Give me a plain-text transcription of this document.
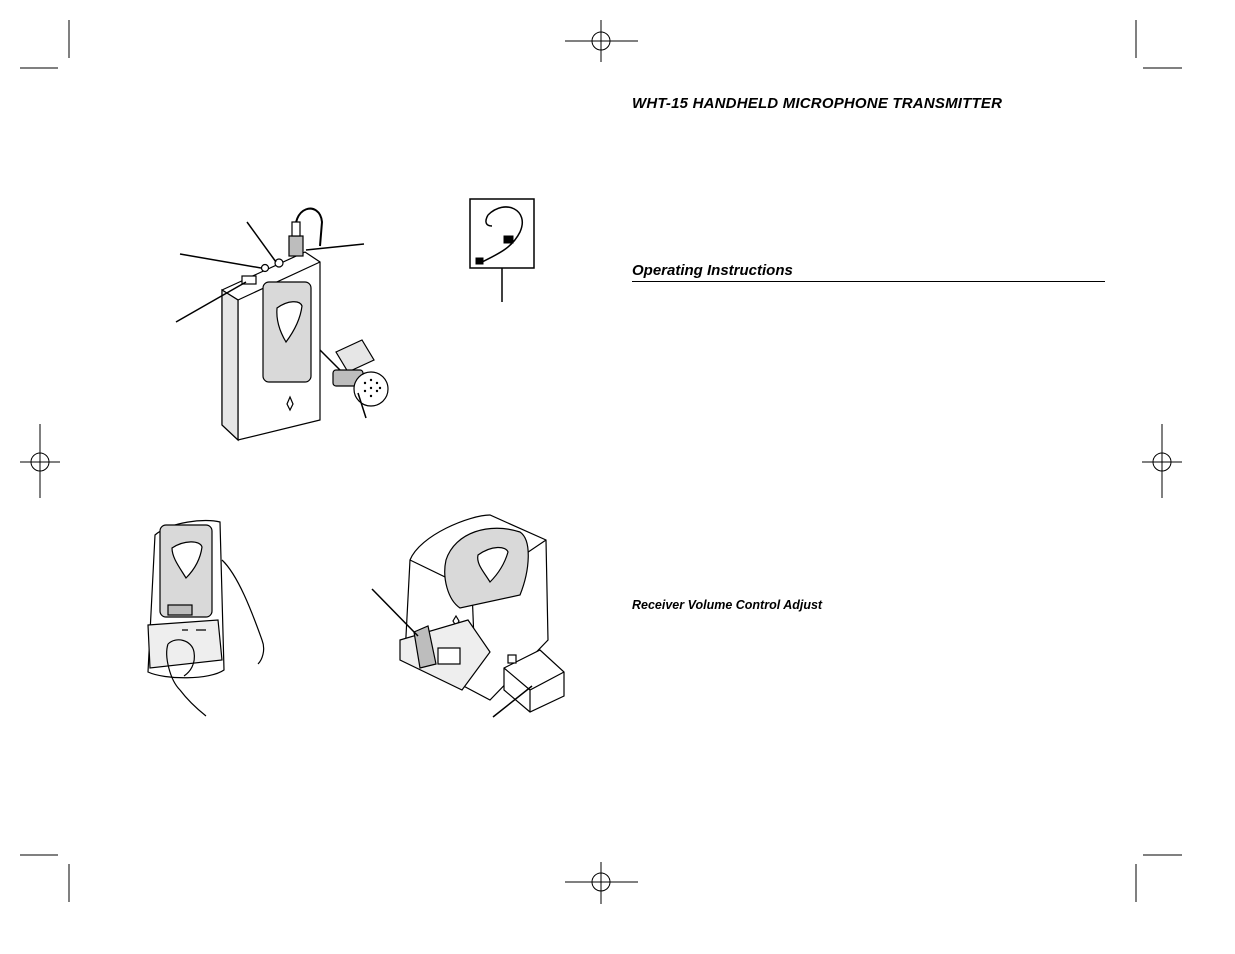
WHT-15 HANDHELD MICROPHONE TRANSMITTER
Operating Instructions
Receiver Volume Control Adjust
